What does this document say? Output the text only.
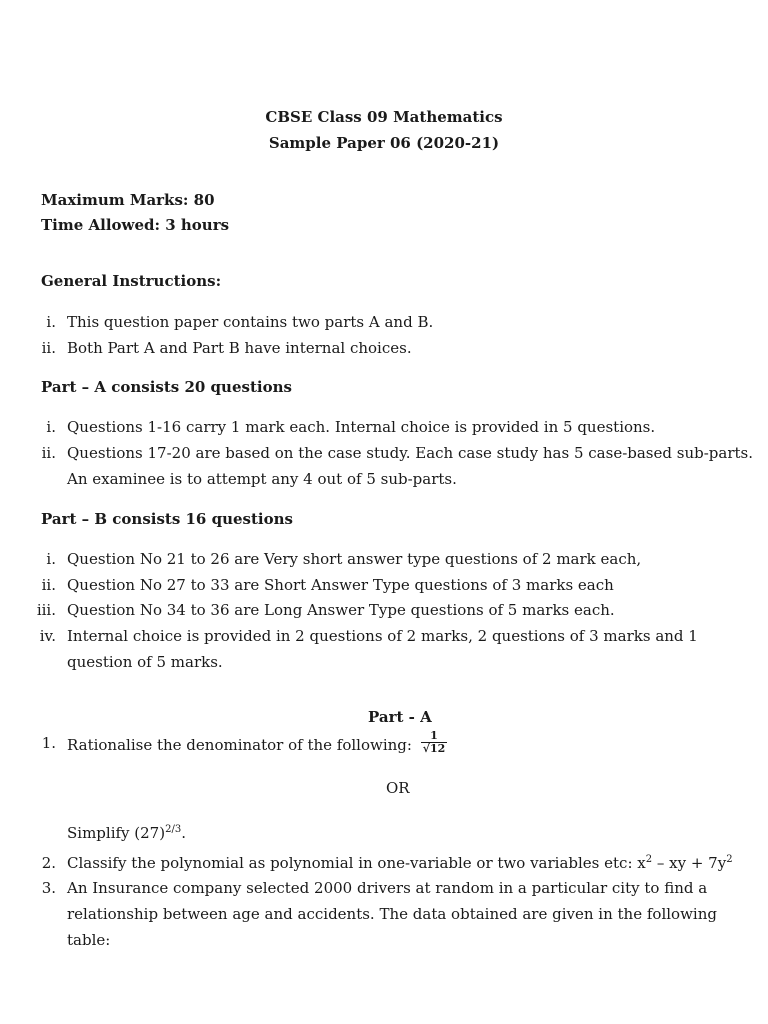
CBSE Class 09 Mathematics
Sample Paper 06 (2020-21)
Maximum Marks: 80
Time Allowed: 3 hours
General Instructions:
i. This question paper contains two parts A and B.
ii. Both Part A and Part B have internal choices.
Part – A consists 20 questions
i. Questions 1-16 carry 1 mark each. Internal choice is provided in 5 questions.
ii. Questions 17-20 are based on the case study. Each case study has 5 case-based sub-parts.
An examinee is to attempt any 4 out of 5 sub-parts.
Part – B consists 16 questions
i. Question No 21 to 26 are Very short answer type questions of 2 mark each,
ii. Question No 27 to 33 are Short Answer Type questions of 3 marks each
iii. Question No 34 to 36 are Long Answer Type questions of 5 marks each.
iv. Internal choice is provided in 2 questions of 2 marks, 2 questions of 3 marks and 1
question of 5 marks.
Part - A
1. Rationalise the denominator of the following: $\frac{1}{√12}$
OR
Simplify $(27)^{2/3}$.
2. Classify the polynomial as polynomial in one-variable or two variables etc: $x^2$ – xy + $7y^2$
3. An Insurance company selected 2000 drivers at random in a particular city to find a
relationship between age and accidents. The data obtained are given in the following
table:
